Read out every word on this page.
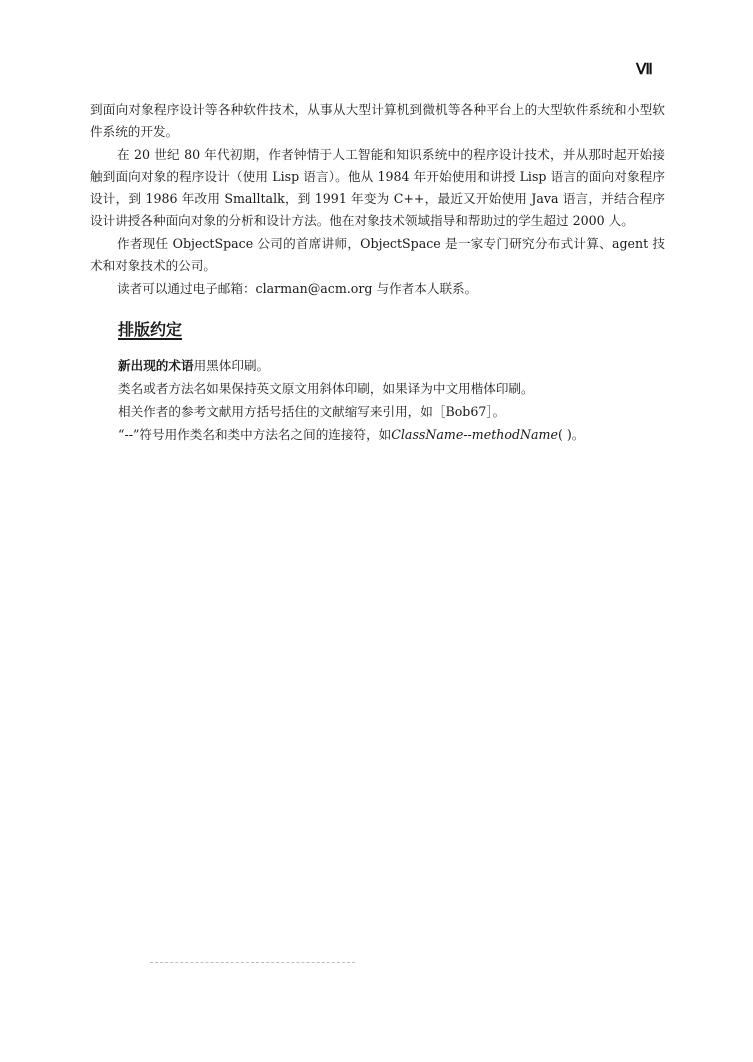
Ⅶ

到面向对象程序设计等各种软件技术，从事从大型计算机到微机等各种平台上的大型软件系统和小型软件系统的开发。

在 20 世纪 80 年代初期，作者钟情于人工智能和知识系统中的程序设计技术，并从那时起开始接触到面向对象的程序设计（使用 Lisp 语言）。他从 1984 年开始使用和讲授 Lisp 语言的面向对象程序设计，到 1986 年改用 Smalltalk，到 1991 年变为 C++，最近又开始使用 Java 语言，并结合程序设计讲授各种面向对象的分析和设计方法。他在对象技术领域指导和帮助过的学生超过 2000 人。

作者现任 ObjectSpace 公司的首席讲师，ObjectSpace 是一家专门研究分布式计算、agent 技术和对象技术的公司。

读者可以通过电子邮箱：clarman@acm.org 与作者本人联系。

排版约定

新出现的术语用黑体印刷。

类名或者方法名如果保持英文原文用斜体印刷，如果译为中文用楷体印刷。

相关作者的参考文献用方括号括住的文献缩写来引用，如［Bob67］。

“--”符号用作类名和类中方法名之间的连接符，如ClassName--methodName( )。
